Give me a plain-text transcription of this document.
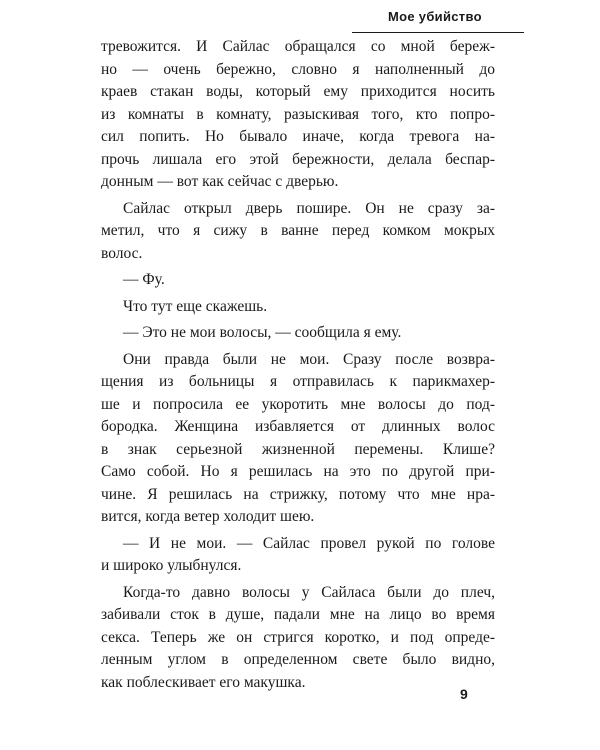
Мое убийство
тревожится. И Сайлас обращался со мной береж-
но — очень бережно, словно я наполненный до
краев стакан воды, который ему приходится носить
из комнаты в комнату, разыскивая того, кто попро-
сил попить. Но бывало иначе, когда тревога на-
прочь лишала его этой бережности, делала беспар-
донным — вот как сейчас с дверью.
Сайлас открыл дверь пошире. Он не сразу за-
метил, что я сижу в ванне перед комком мокрых
волос.
— Фу.
Что тут еще скажешь.
— Это не мои волосы, — сообщила я ему.
Они правда были не мои. Сразу после возвра-
щения из больницы я отправилась к парикмахер-
ше и попросила ее укоротить мне волосы до под-
бородка. Женщина избавляется от длинных волос
в знак серьезной жизненной перемены. Клише?
Само собой. Но я решилась на это по другой при-
чине. Я решилась на стрижку, потому что мне нра-
вится, когда ветер холодит шею.
— И не мои. — Сайлас провел рукой по голове
и широко улыбнулся.
Когда-то давно волосы у Сайласа были до плеч,
забивали сток в душе, падали мне на лицо во время
секса. Теперь же он стригся коротко, и под опреде-
ленным углом в определенном свете было видно,
как поблескивает его макушка.
9
